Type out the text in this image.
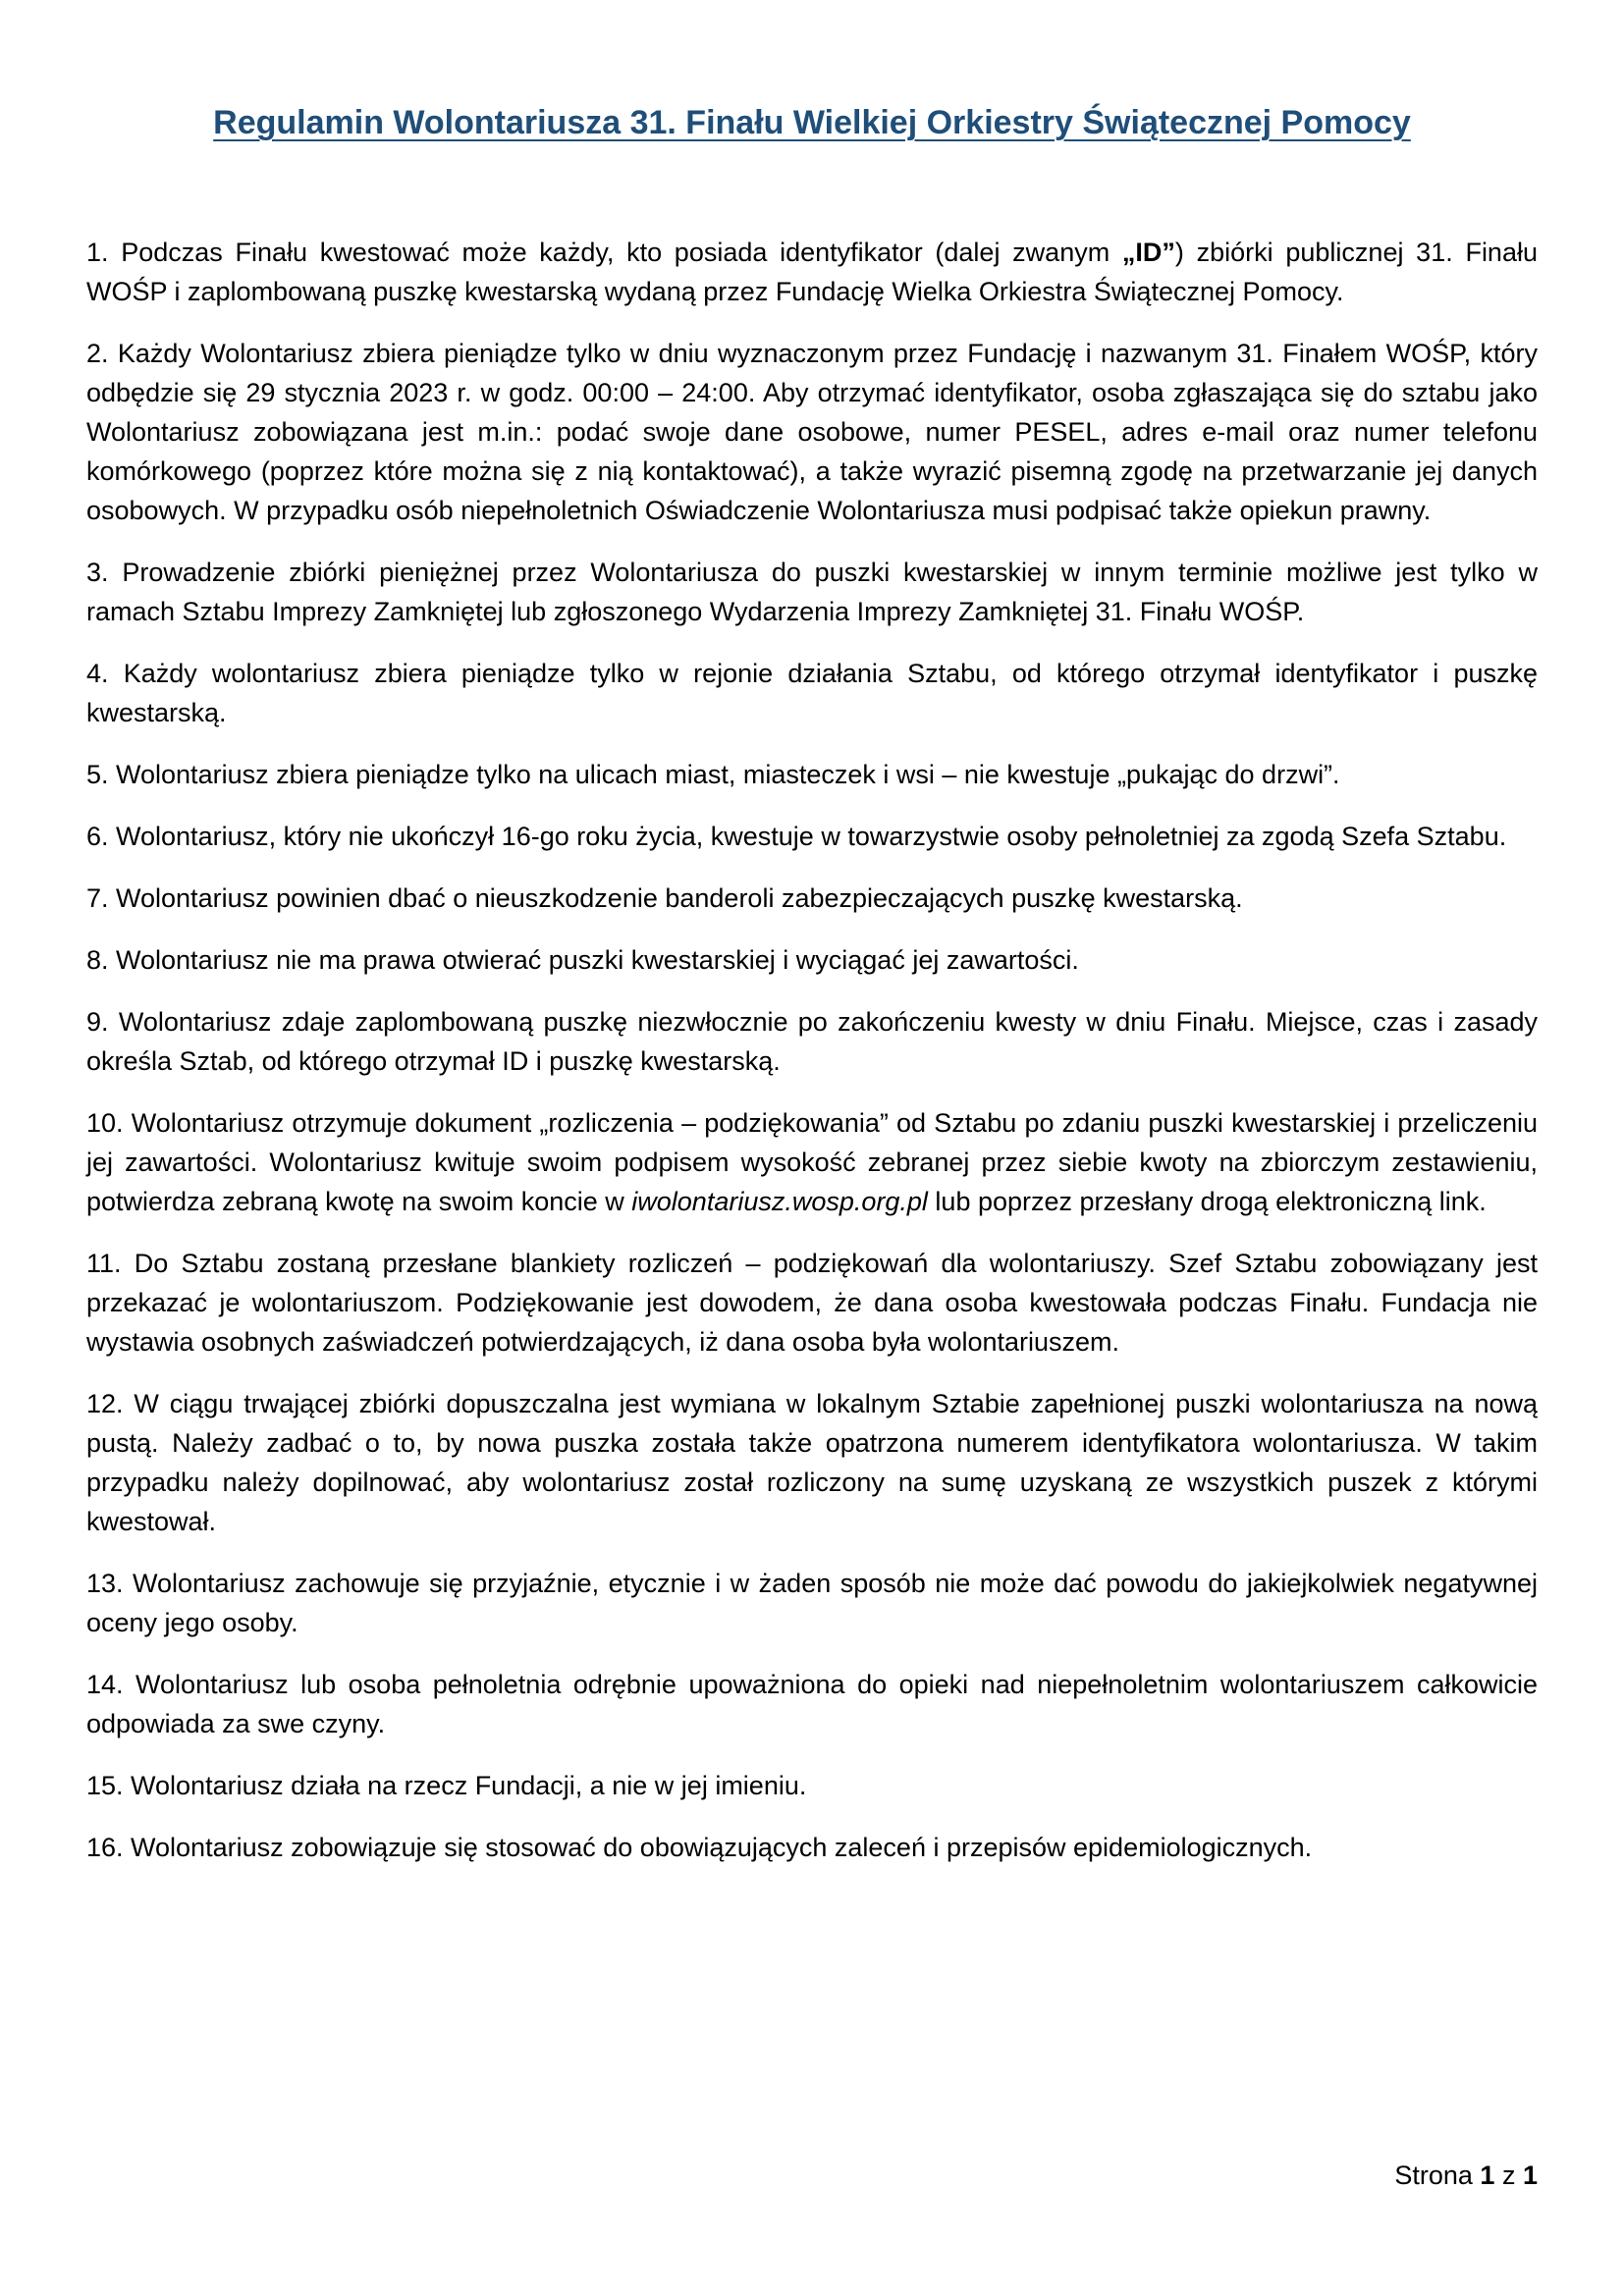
Regulamin Wolontariusza 31. Finału Wielkiej Orkiestry Świątecznej Pomocy

1. Podczas Finału kwestować może każdy, kto posiada identyfikator (dalej zwanym „ID”) zbiórki publicznej 31. Finału WOŚP i zaplombowaną puszkę kwestarską wydaną przez Fundację Wielka Orkiestra Świątecznej Pomocy.

2. Każdy Wolontariusz zbiera pieniądze tylko w dniu wyznaczonym przez Fundację i nazwanym 31. Finałem WOŚP, który odbędzie się 29 stycznia 2023 r. w godz. 00:00 – 24:00. Aby otrzymać identyfikator, osoba zgłaszająca się do sztabu jako Wolontariusz zobowiązana jest m.in.: podać swoje dane osobowe, numer PESEL, adres e-mail oraz numer telefonu komórkowego (poprzez które można się z nią kontaktować), a także wyrazić pisemną zgodę na przetwarzanie jej danych osobowych. W przypadku osób niepełnoletnich Oświadczenie Wolontariusza musi podpisać także opiekun prawny.

3. Prowadzenie zbiórki pieniężnej przez Wolontariusza do puszki kwestarskiej w innym terminie możliwe jest tylko w ramach Sztabu Imprezy Zamkniętej lub zgłoszonego Wydarzenia Imprezy Zamkniętej 31. Finału WOŚP.

4. Każdy wolontariusz zbiera pieniądze tylko w rejonie działania Sztabu, od którego otrzymał identyfikator i puszkę kwestarską.

5. Wolontariusz zbiera pieniądze tylko na ulicach miast, miasteczek i wsi – nie kwestuje „pukając do drzwi”.

6. Wolontariusz, który nie ukończył 16-go roku życia, kwestuje w towarzystwie osoby pełnoletniej za zgodą Szefa Sztabu.

7. Wolontariusz powinien dbać o nieuszkodzenie banderoli zabezpieczających puszkę kwestarską.

8. Wolontariusz nie ma prawa otwierać puszki kwestarskiej i wyciągać jej zawartości.

9. Wolontariusz zdaje zaplombowaną puszkę niezwłocznie po zakończeniu kwesty w dniu Finału. Miejsce, czas i zasady określa Sztab, od którego otrzymał ID i puszkę kwestarską.

10. Wolontariusz otrzymuje dokument „rozliczenia – podziękowania” od Sztabu po zdaniu puszki kwestarskiej i przeliczeniu jej zawartości. Wolontariusz kwituje swoim podpisem wysokość zebranej przez siebie kwoty na zbiorczym zestawieniu, potwierdza zebraną kwotę na swoim koncie w iwolontariusz.wosp.org.pl lub poprzez przesłany drogą elektroniczną link.

11. Do Sztabu zostaną przesłane blankiety rozliczeń – podziękowań dla wolontariuszy. Szef Sztabu zobowiązany jest przekazać je wolontariuszom. Podziękowanie jest dowodem, że dana osoba kwestowała podczas Finału. Fundacja nie wystawia osobnych zaświadczeń potwierdzających, iż dana osoba była wolontariuszem.

12. W ciągu trwającej zbiórki dopuszczalna jest wymiana w lokalnym Sztabie zapełnionej puszki wolontariusza na nową pustą. Należy zadbać o to, by nowa puszka została także opatrzona numerem identyfikatora wolontariusza. W takim przypadku należy dopilnować, aby wolontariusz został rozliczony na sumę uzyskaną ze wszystkich puszek z którymi kwestował.

13. Wolontariusz zachowuje się przyjaźnie, etycznie i w żaden sposób nie może dać powodu do jakiejkolwiek negatywnej oceny jego osoby.

14. Wolontariusz lub osoba pełnoletnia odrębnie upoważniona do opieki nad niepełnoletnim wolontariuszem całkowicie odpowiada za swe czyny.

15. Wolontariusz działa na rzecz Fundacji, a nie w jej imieniu.

16. Wolontariusz zobowiązuje się stosować do obowiązujących zaleceń i przepisów epidemiologicznych.

Strona 1 z 1
